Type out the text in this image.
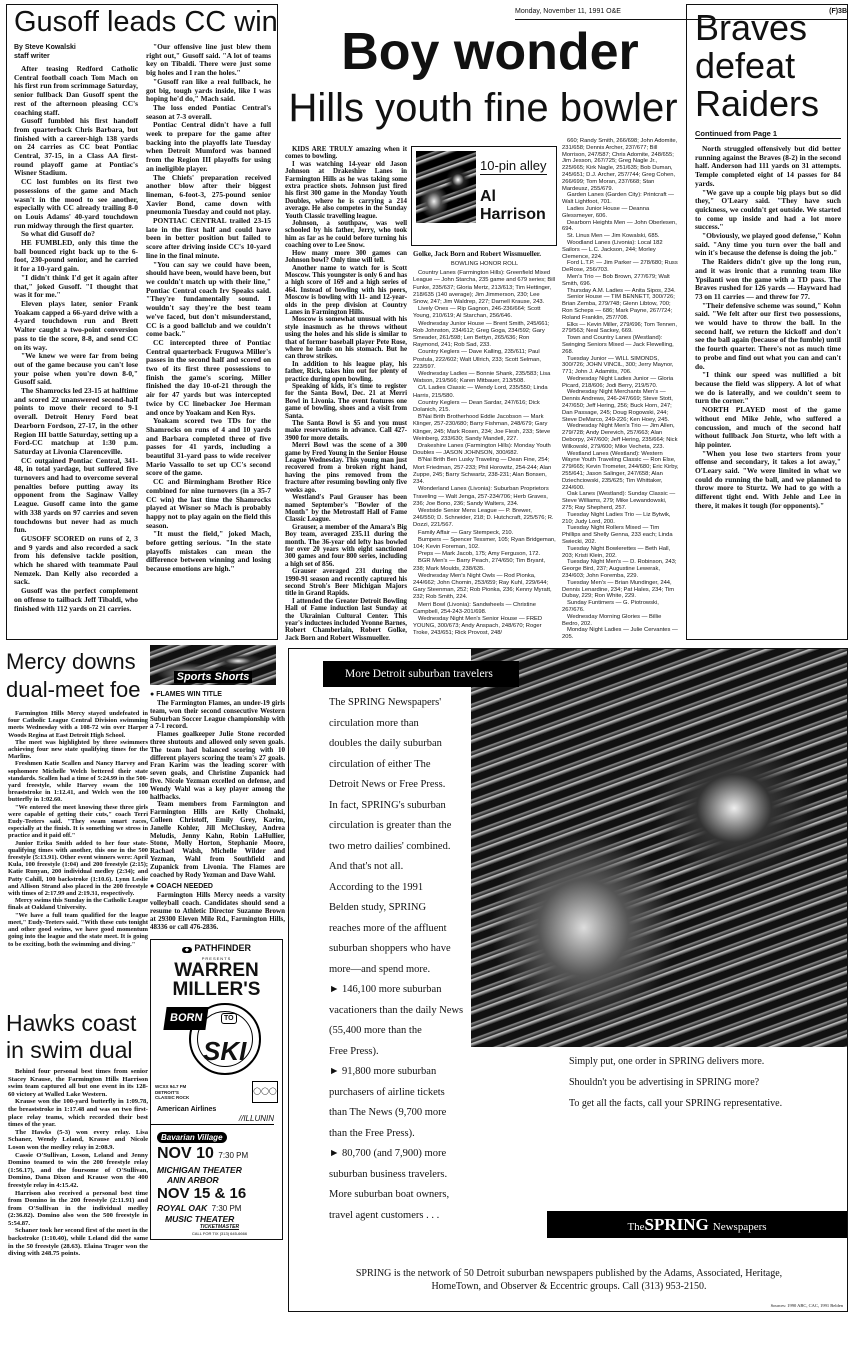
Monday, November 11, 1991 O&E	(F)3B
Gusoff leads CC win
By Steve Kowalski
staff writer

After teasing Redford Catholic Central football coach Tom Mach on his first run from scrimmage Saturday, senior fullback Dan Gusoff spent the rest of the afternoon pleasing CC's coaching staff.

Gusoff fumbled his first handoff from quarterback Chris Barbara, but finished with a career-high 138 yards on 24 carries as CC beat Pontiac Central, 37-15, in a Class AA first-round playoff game at Pontiac's Wisner Stadium.

CC lost fumbles on its first two possessions of the game and Mach wasn't in the mood to see another, especially with CC already trailing 8-0 on Louis Adams' 40-yard touchdown run midway through the first quarter.

So what did Gusoff do?

HE FUMBLED, only this time the ball bounced right back up to the 6-foot, 230-pound senior, and he carried it for a 10-yard gain.

"I didn't think I'd get it again after that," joked Gusoff. "I thought that was it for me."

Eleven plays later, senior Frank Yoakam capped a 66-yard drive with a 4-yard touchdown run and Brett Walter caught a two-point conversion pass to tie the score, 8-8, and send CC on its way.

"We knew we were far from being out of the game because you can't lose your poise when you're down 8-0," Gusoff said.

The Shamrocks led 23-15 at halftime and scored 22 unanswered second-half points to move their record to 9-1 overall. Detroit Henry Ford beat Dearborn Fordson, 27-17, in the other Region III battle Saturday, setting up a Ford-CC matchup at 1:30 p.m. Saturday at Livonia Clarenceville.

CC outgained Pontiac Central, 341-48, in total yardage, but suffered five turnovers and had to overcome several penalties before putting away its opponent from the Saginaw Valley League. Gusoff came into the game with 338 yards on 97 carries and seven touchdowns but never had as much fun.

GUSOFF SCORED on runs of 2, 3 and 9 yards and also recorded a sack from his defensive tackle position, which he shared with teammate Paul Nemzek. Dan Kelly also recorded a sack.

Gusoff was the perfect complement on offense to tailback Jeff Tibaldi, who finished with 112 yards on 21 carries.

"Our offensive line just blew them right out," Gusoff said. "A lot of teams key on Tibaldi. There were just some big holes and I ran the holes."

"Gusoff ran like a real fullback, he got big, tough yards inside, like I was hoping he'd do," Mach said.

The loss ended Pontiac Central's season at 7-3 overall.

Pontiac Central didn't have a full week to prepare for the game after backing into the playoffs late Tuesday when Detroit Mumford was banned from the Region III playoffs for using an ineligible player.

The Chiefs' preparation received another blow after their biggest lineman, 6-foot-3, 275-pound senior Xavier Bond, came down with pneumonia Tuesday and could not play.

PONTIAC CENTRAL trailed 23-15 late in the first half and could have been in better position but failed to score after driving inside CC's 10-yard line in the final minute.

"You can say we could have been, should have been, would have been, but we couldn't match up with their line," Pontiac Central coach Irv Speaks said. "They're fundamentally sound. I wouldn't say they're the best team we've faced, but don't misunderstand, CC is a good ballclub and we couldn't come back."

CC intercepted three of Pontiac Central quarterback Fruguwa Miller's passes in the second half and scored on two of its first three possessions to finish the game's scoring. Miller finished the day 10-of-21 through the air for 47 yards but was intercepted twice by CC linebacker Joe Herman and once by Yoakam and Ken Rys.

Yoakam scored two TDs for the Shamrocks on runs of 4 and 10 yards and Barbara completed three of five passes for 41 yards, including a beautiful 31-yard pass to wide receiver Mario Vassallo to set up CC's second score of the game.

CC and Birmingham Brother Rice combined for nine turnovers (in a 35-7 CC win) the last time the Shamrocks played at Wisner so Mach is probably happy not to play again on the field this season.

"It must the field," joked Mach, before getting serious. "In the state playoffs mistakes can mean the difference between winning and losing because emotions are high."

Boy wonder
Hills youth fine bowler

KIDS ARE TRULY amazing when it comes to bowling.

I was watching 14-year old Jason Johnson at Drakeshire Lanes in Farmington Hills as he was taking some extra practice shots. Johnson just fired his first 300 game in the Monday Youth Doubles, where he is carrying a 214 average. He also competes in the Sunday Youth Classic travelling league.

Johnson, a southpaw, was well schooled by his father, Jerry, who took him as far as he could before turning his coaching over to Lee Snow.

How many more 300 games can Johnson bowl? Only time will tell.

Another name to watch for is Scott Moscow. This youngster is only 6 and has a high score of 169 and a high series of 464. Instead of bowling with his peers, Moscow is bowling with 11- and 12-year-olds in the prep division at Country Lanes in Farmington Hills.

Moscow is somewhat unusual with his style inasmuch as he throws without using the holes and his slide is similar to that of former baseball player Pete Rose, where he lands on his stomach. But he can throw strikes.

In addition to his league play, his father, Rick, takes him out for plenty of practice during open bowling.

Speaking of kids, it's time to register for the Santa Bowl, Dec. 21 at Merri Bowl in Livonia. The event features one game of bowling, shoes and a visit from Santa.

The Santa Bowl is $5 and you must make reservations in advance. Call 427-3900 for more details.

Merri Bowl was the scene of a 300 game by Fred Young in the Senior House League Wednesday. This young man just recovered from a broken right hand, having the pins removed from the fracture after resuming bowling only five weeks ago.

Westland's Paul Grauser has been named September's "Bowler of the Month" by the Metrostaff Hall of Fame Classic League.

Grauser, a member of the Amara's Big Boy team, averaged 235.11 during the month. The 36-year old lefty has bowled for over 20 years with eight sanctioned 300 games and four 800 series, including a high set of 856.

Grauser averaged 231 during the 1990-91 season and recently captured his second Stroh's Beer Michigan Majors title in Grand Rapids.

I attended the Greater Detroit Bowling Hall of Fame induction last Sunday at the Ukrainian Cultural Center. This year's inductees included Yvonne Barnes, Robert Chamberlain, Robert Golke, Jack Born and Robert Wissmueller.

10-pin alley
Al
Harrison

Golke, Jack Born and Robert Wissmueller.

BOWLING HONOR ROLL

Country Lanes (Farmington Hills): Greenfield Mixed League — John Starcha, 235 game and 679 series; Bill Funke, 235/637; Gloria Mertz, 213/613; Tim Hettinger, 218/635 (140 average); Jim Jimmerson, 230; Lee Snow, 247; Jim Waldrep, 227; Darnell Krause, 243.

Lively Ones — Rip Gagnon, 246-236/664; Scott Young, 210/619; Al Starchan, 256/646.

Wednesday Junior House — Brent Smith, 245/661; Rob Johnston, 234/612; Greg Goga, 234/592; Gary Smeader, 261/598; Len Bettyn, 265/636; Ron Raymond, 241; Rob Sad, 233.

Country Keglers — Dave Kalling, 235/611; Paul Postula, 222/602; Walt Ullrich, 233; Scott Selman, 223/597.

Wednesday Ladies — Bonnie Shank, 235/583; Lisa Watson, 219/566; Karen Mitbauer, 213/508.

C/L Ladies Classic — Wendy Lord, 235/550; Linda Harris, 215/580.

Country Keglers — Dean Sardar, 247/616; Dick Dolanich, 215.

B'Nai Brith Brotherhood Eddie Jacobson — Mark Klinger, 257-230/680; Barry Fishman, 248/679; Gary Klinger, 245; Mark Rosen, 234; Joe Flesh, 233; Steve Weinberg, 233/630; Sandy Mandell, 227.

Drakeshire Lanes (Farmington Hills): Monday Youth Doubles — JASON JOHNSON, 300/682.

B'Nai Brith Ben Lusky Traveling — Dean Fine, 254; Mort Friedman, 257-233; Phil Horowitz, 254-244; Alan Zuppe, 245; Barry Schwartz, 238-231; Alan Bonsen, 234.

Wonderland Lanes (Livonia): Suburban Proprietors Traveling — Walt Jenga, 257-234/706; Herb Graves, 236; Joe Bono, 236; Sandy Walters, 234.

Westside Senior Mens League — P. Brewer, 246/550; D. Schneider, 218; D. Hutchcraft, 225/576; R. Dozzi, 221/567.

Family Affair — Gary Stempeck, 210.

Bumpers — Spencer Tessmer, 105; Ryan Bridgeman, 104; Kevin Foreman, 102.

Preps — Mark Jacob, 175; Amy Ferguson, 172.

BGR Men's — Barry Peach, 274/650; Tim Bryant, 238; Mark Moulds, 238/635.

Wednesday Men's Night Owls — Rod Pionka, 244/662; John Chomin, 253/659; Ray Kuhl, 229/644; Gary Steenman, 252; Rob Pionka, 236; Kenny Myratt, 232; Rob Smith, 224.

Merri Bowl (Livonia): Sandwheels — Christine Campbell, 254-243-201/698.

Wednesday Night Men's Senior House — FRED YOUNG, 300/673; Andy Anspach, 248/670; Roger Troke, 243/651; Rick Provost, 248/

660; Randy Smith, 266/698; John Adomite, 231/658; Dennis Archer, 237/677; Bill Morrison, 247/587; Chris Adomite, 248/655; Jim Jesson, 267/725; Greg Nagle Jr., 225/665; Kirk Nagle, 251/635; Bob Duman, 245/651; D.J. Archer, 257/744; Greg Cohen, 266/699; Tom Moran, 237/668; Stan Mardeusz, 255/679.

Garden Lanes (Garden City): Printcraft — Walt Lightfoot, 701.

Ladies Junior House — Deanna Glessmeyer, 606.

Dearborn Heights Men — John Oberlesen, 694.

St. Linus Men — Jim Kowalski, 685.

Woodland Lanes (Livonia): Local 182 Sailors — L.C. Jackson, 244; Morley Clemence, 224.

Ford L.T.P. — Jim Parker — 278/680; Russ DeRose, 256/703.

Men's Trio — Bob Brown, 277/679; Walt Smith, 696.

Thursday A.M. Ladies — Anita Sipos, 234.

Senior House — TIM BENNETT, 300/726; Brian Zemba, 279/748; Glenn Libtow, 700; Ron Scheps — 686; Mark Payne, 267/724; Roland Franklin, 257/708.

Elks — Kevin Miller, 279/696; Tom Tennen, 279/563; Neal Sackey, 669.

Town and Country Lanes (Westland): Swinging Seniors Mixed — Jack Flewelling, 268.

Tuesday Junior — WILL SIMONDS, 300/726; JOHN VINCIL, 300; Jerry Maynor, 771; John J. Adamitis, 706.

Wednesday Night Ladies Junior — Gloria Picard, 218/606; Jodi Berry, 219/570.

Wednesday Night Merchants Men's — Dennis Andrews, 246-247/669; Steve Stott, 247/650; Jeff Hering, 256; Buck Horn, 247; Dan Passage, 245; Doug Rogowski, 244; Steve DeMarco, 249-226; Ken Hoey, 245.

Wednesday Night Men's Trio — Jim Allen, 279/728; Andy Derevich, 257/663; Alan Deborpy, 247/600; Jeff Hering, 235/664; Nick Wilkowski, 279/600; Mike Vecheta, 223.

Westland Lanes (Westland): Western Wayne Youth Traveling Classic — Ron Else, 279/665; Kevin Trometer, 244/680; Eric Kirby, 255/641; Jason Salinger, 247/658; Alan Dziechciowski, 235/625; Tim Whittaker, 224/600.

Oak Lanes (Westland): Sunday Classic — Steve Williams, 279; Mike Lewandowski, 275; Ray Shepherd, 257.

Tuesday Night Ladies Trio — Liz Bytwik, 210; Judy Lord, 200.

Tuesday Night Rollers Mixed — Tim Phillips and Shelly Genna, 233 each; Linda Swiecki, 202.

Tuesday Night Bowlerettes — Beth Hall, 203; Kristi Klein, 202.

Tuesday Night Men's — D. Robinson, 243; George Bird, 237; Augustine Lewerak, 234/603; John Foremba, 229.

Tuesday Men's — Brian Mundinger, 244, Dennis Lenardine, 234; Pat Hales, 234; Tim Dubay, 229; Ron White, 229.

Sunday Funtimers — G. Piotrowski, 267/676.

Wednesday Morning Glories — Billie Bedro, 202.

Monday Night Ladies — Julie Cervantes — 205.

Braves
defeat
Raiders
Continued from Page 1

North struggled offensively but did better running against the Braves (8-2) in the second half. Anderson had 111 yards on 31 attempts. Temple completed eight of 14 passes for 84 yards.

"We gave up a couple big plays but so did they," O'Leary said. "They have such quickness, we couldn't get outside. We started to come up inside and had a lot more success."

"Obviously, we played good defense," Kohn said. "Any time you turn over the ball and win it's because the defense is doing the job."

The Raiders didn't give up the long run, and it was ironic that a running team like Ypsilanti won the game with a TD pass. The Braves rushed for 126 yards — Hayward had 73 on 11 carries — and threw for 77.

"Their defensive scheme was sound," Kohn said. "We felt after our first two possessions, we would have to throw the ball. In the second half, we return the kickoff and don't see the ball again (because of the fumble) until the fourth quarter. There's not as much time to probe and find out what you can and can't do.

"I think our speed was nullified a bit because the field was slippery. A lot of what we do is laterally, and we couldn't seem to turn the corner."

NORTH PLAYED most of the game without end Mike Jehle, who suffered a concussion, and much of the second half without fullback Jon Sturtz, who left with a hip pointer.

"When you lose two starters from your offense and secondary, it takes a lot away," O'Leary said. "We were limited in what we could do running the ball, and we planned to throw more to Sturtz. We had to go with a different tight end. With Jehle and Lee in there, it makes it tough (for opponents)."

Mercy downs
dual-meet foe

Farmington Hills Mercy stayed undefeated in four Catholic League Central Division swimming meets Wednesday with a 108-72 win over Harper Woods Regina at East Detroit High School.

The meet was highlighted by three swimmers achieving four new state qualifying times for the Marlins.

Freshmen Katie Scallen and Nancy Harvey and sophomore Michelle Welch bettered their state standards. Scallen had a time of 5:24.99 in the 500-yard freestyle, while Harvey swam the 100 breaststroke in 1:12.41, and Welch won the 100 butterfly in 1:02.60.

"We entered the meet knowing these three girls were capable of getting their cuts," coach Terri Eudy-Teeters said. "They swam smart races, especially at the finish. It is something we stress in practice and it paid off."

Junior Erika Smith added to her four state-qualifying times with another, this one in the 500 freestyle (5:13.91). Other event winners were: April Kula, 100 freestyle (1:04) and 200 freestyle (2:15); Katie Runyan, 200 individual medley (2:34); and Patty Cahill, 100 backstroke (1:10.6). Lynn Leslie and Allison Strand also placed in the 200 freestyle with times of 2:17.99 and 2:19.31, respectively.

Mercy swims this Sunday in the Catholic League finals at Oakland University.

"We have a full team qualified for the league meet," Eudy-Teeters said. "With these cuts tonight and other good swims, we have good momentum going into the league and the state meet. It is going to be exciting, both the swimming and diving."

Sports Shorts
● FLAMES WIN TITLE

The Farmington Flames, an under-19 girls team, won their second consecutive Western Suburban Soccer League championship with a 7-1 record.

Flames goalkeeper Julie Stone recorded three shutouts and allowed only seven goals. The team had balanced scoring with 10 different players scoring the team's 27 goals. Fran Karim was the leading scorer with seven goals, and Christine Zupanick had five. Nicole Yezman excelled on defense, and Wendy Wahl was a key player among the halfbacks.

Team members from Farmington and Farmington Hills are Kelly Cholnaki, Colleen Christoff, Emily Grey, Karim, Janelle Kohler, Jill McCluskey, Andrea Meludis, Jenny Kahn, Robin LaHullier, Stone, Molly Horton, Stephanie Moore, Rachael Walsh, Michelle Wilder and Yezman, Wahl from Southfield and Zupanick from Livonia. The Flames are coached by Rody Yezman and Dave Wahl.

● COACH NEEDED

Farmington Hills Mercy needs a varsity volleyball coach. Candidates should send a resume to Athletic Director Suzanne Brown at 29300 Eleven Mile Rd., Farmington Hills, 48336 or call 476-2836.

◆ PATHFINDER
PRESENTS
WARREN
MILLER'S
BORN	TO
SKI
WCXX 94.7 FM DETROIT'S CLASSIC ROCK
◯◯◯
American Airlines
//ILLUNIN
Bavarian Village
NOV 10 7:30 PM
MICHIGAN THEATER
ANN ARBOR
NOV 15 & 16
ROYAL OAK 7:30 PM
MUSIC THEATER
TICKETMASTER
CALL FOR TIX (313) 645-6666
Hawks coast
in swim dual

Behind four personal best times from senior Stacey Krause, the Farmington Hills Harrison swim team captured all but one event in its 128-60 victory at Walled Lake Western.

Krause won the 100-yard butterfly in 1:09.78, the breaststroke in 1:17.48 and was on two first-place relay teams, which recorded their best times of the year.

The Hawks (5-3) won every relay. Lisa Schaner, Wendy Leland, Krause and Nicole Loson won the medley relay in 2:08.9.

Cassie O'Sullivan, Loson, Leland and Jenny Domino teamed to win the 200 freestyle relay (1:56.17), and the foursome of O'Sullivan, Domino, Dana Dixon and Krause won the 400 freestyle relay in 4:15.42.

Harrison also received a personal best time from Domino in the 200 freestyle (2:11.91) and from O'Sullivan in the individual medley (2:36.82). Domino also won the 500 freestyle in 5:54.87.

Schaner took her second first of the meet in the backstroke (1:10.40), while Leland did the same in the 50 freestyle (28.63). Elaina Trager won the diving with 248.75 points.

More Detroit suburban travelers
The SPRING Newspapers'
circulation more than
doubles the daily suburban
circulation of either The
Detroit News or Free Press.
In fact, SPRING's suburban
circulation is greater than the
two metro dailies' combined.
And that's not all.
According to the 1991
Belden study, SPRING
reaches more of the affluent
suburban shoppers who have
more—and spend more.
► 146,100 more suburban
vacationers than the daily News
(55,400 more than the
Free Press).
► 91,800 more suburban
purchasers of airline tickets
than The News (9,700 more
than the Free Press).
► 80,700 (and 7,900) more
suburban business travelers.
More suburban boat owners,
travel agent customers . . .
Simply put, one order in SPRING delivers more.
Shouldn't you be advertising in SPRING more?
To get all the facts, call your SPRING representative.
TheSPRING Newspapers
SPRING is the network of 50 Detroit suburban newspapers published by the Adams, Associated, Heritage, HomeTown, and Observer & Eccentric groups. Call (313) 953-2150.
Sources: 1990 ABC, CAC, 1991 Belden
